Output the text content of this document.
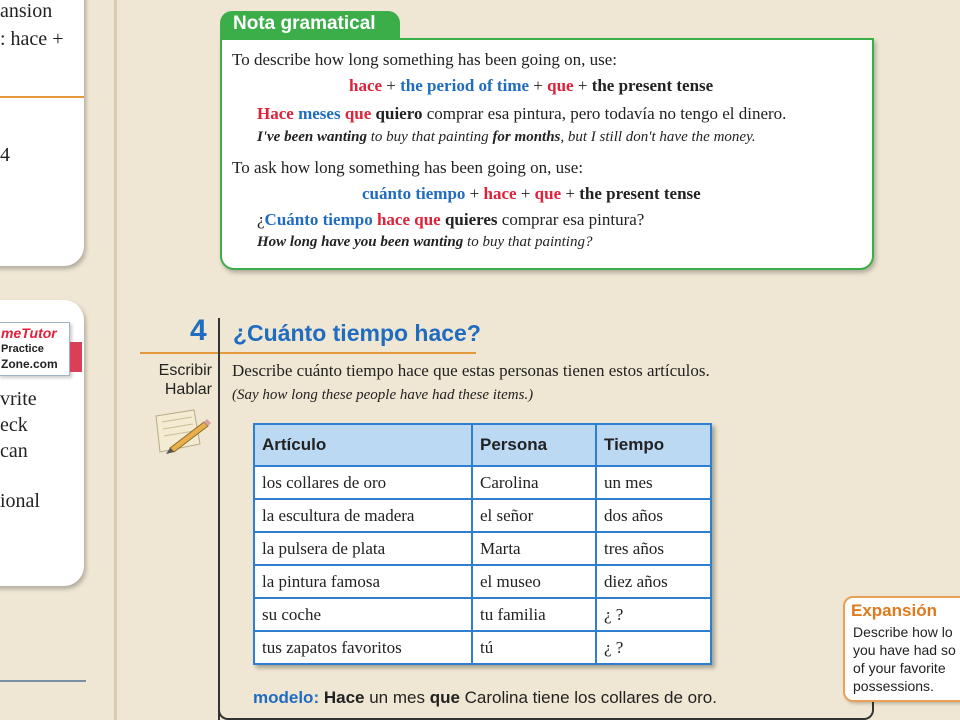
ansion
: hace +
4
meTutor
Practice
Zone.com
vrite
eck
can
ional
Nota gramatical
To describe how long something has been going on, use:
hace + the period of time + que + the present tense
Hace meses que quiero comprar esa pintura, pero todavía no tengo el dinero.
I've been wanting to buy that painting for months, but I still don't have the money.
To ask how long something has been going on, use:
cuánto tiempo + hace + que + the present tense
¿Cuánto tiempo hace que quieres comprar esa pintura?
How long have you been wanting to buy that painting?
4 ¿Cuánto tiempo hace?
Escribir
Hablar
Describe cuánto tiempo hace que estas personas tienen estos artículos.
(Say how long these people have had these items.)
Artículo	Persona	Tiempo
los collares de oro	Carolina	un mes
la escultura de madera	el señor	dos años
la pulsera de plata	Marta	tres años
la pintura famosa	el museo	diez años
su coche	tu familia	¿ ?
tus zapatos favoritos	tú	¿ ?
modelo: Hace un mes que Carolina tiene los collares de oro.
Expansión
Describe how lo
you have had so
of your favorite
possessions.
